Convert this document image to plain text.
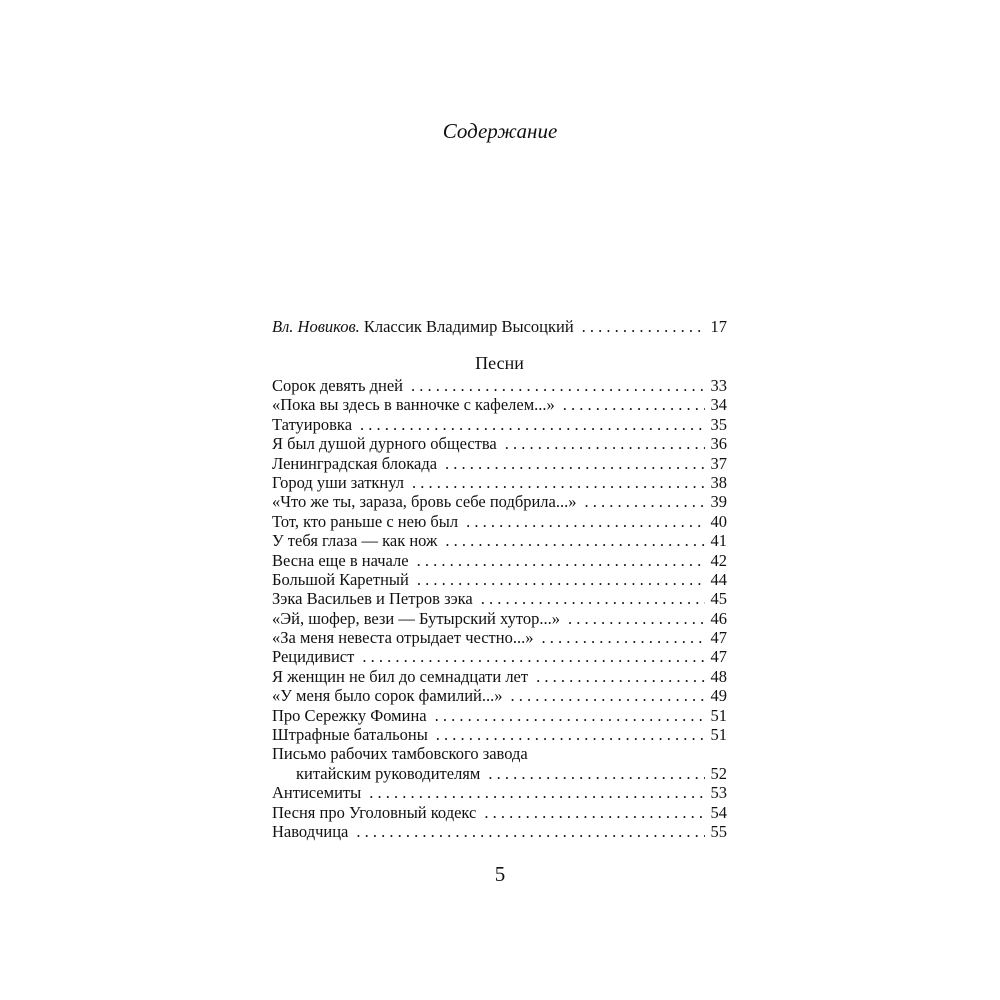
Содержание
Вл. Новиков. Классик Владимир Высоцкий . . .	17
Песни
Сорок девять дней . . .	33
«Пока вы здесь в ванночке с кафелем...» . . .	34
Татуировка . . .	35
Я был душой дурного общества . . .	36
Ленинградская блокада . . .	37
Город уши заткнул . . .	38
«Что же ты, зараза, бровь себе подбрила...» . . .	39
Тот, кто раньше с нею был . . .	40
У тебя глаза — как нож . . .	41
Весна еще в начале . . .	42
Большой Каретный . . .	44
Зэка Васильев и Петров зэка . . .	45
«Эй, шофер, вези — Бутырский хутор...» . . .	46
«За меня невеста отрыдает честно...» . . .	47
Рецидивист . . .	47
Я женщин не бил до семнадцати лет . . .	48
«У меня было сорок фамилий...» . . .	49
Про Сережку Фомина . . .	51
Штрафные батальоны . . .	51
Письмо рабочих тамбовского завода
китайским руководителям . . .	52
Антисемиты . . .	53
Песня про Уголовный кодекс . . .	54
Наводчица . . .	55
5
